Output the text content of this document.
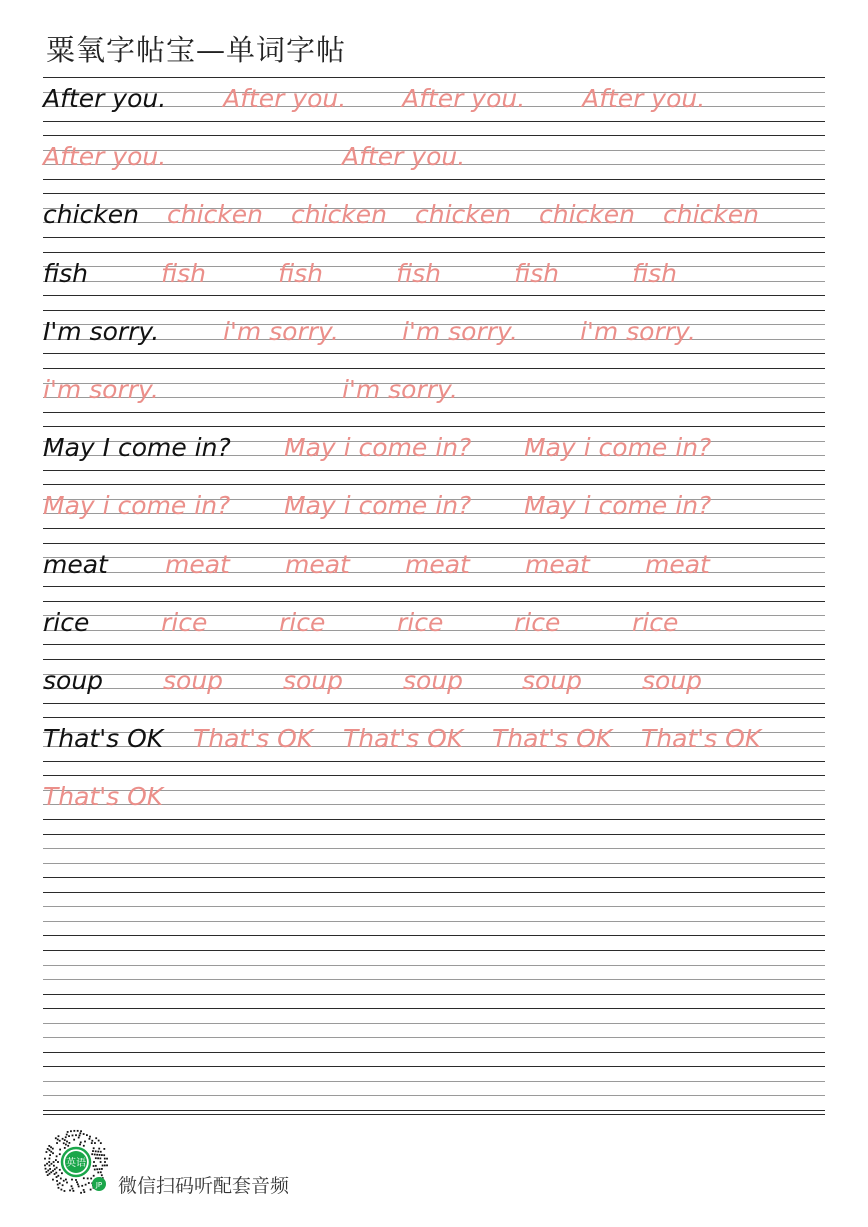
粟氧字帖宝—单词字帖
After you. After you. After you. After you.
After you.	After you.
chicken chicken chicken chicken chicken chicken
fish	fish	fish	fish	fish	fish
I'm sorry.	i'm sorry.	i'm sorry. i'm sorry.
i'm sorry.	i'm sorry.
May I come in? May i come in? May i come in?
May i come in? May i come in? May i come in?
meat meat meat meat meat meat
rice	rice	rice	rice	rice	rice
soup soup soup soup soup soup
That's OK That's OK That's OK That's OK That's OK
That's OK
英语
JP 微信扫码听配套音频
